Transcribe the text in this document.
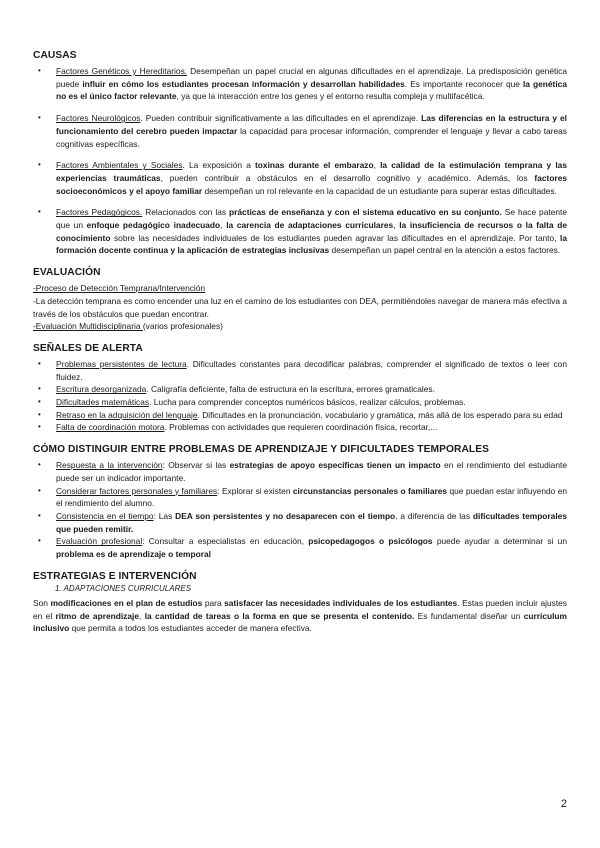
CAUSAS
• Factores Genéticos y Hereditarios. Desempeñan un papel crucial en algunas dificultades en el aprendizaje. La predisposición genética puede influir en cómo los estudiantes procesan información y desarrollan habilidades. Es importante reconocer que la genética no es el único factor relevante, ya que la interacción entre los genes y el entorno resulta compleja y multifacética.
• Factores Neurológicos. Pueden contribuir significativamente a las dificultades en el aprendizaje. Las diferencias en la estructura y el funcionamiento del cerebro pueden impactar la capacidad para procesar información, comprender el lenguaje y llevar a cabo tareas cognitivas específicas.
• Factores Ambientales y Sociales. La exposición a toxinas durante el embarazo, la calidad de la estimulación temprana y las experiencias traumáticas, pueden contribuir a obstáculos en el desarrollo cognitivo y académico. Además, los factores socioeconómicos y el apoyo familiar desempeñan un rol relevante en la capacidad de un estudiante para superar estas dificultades.
• Factores Pedagógicos. Relacionados con las prácticas de enseñanza y con el sistema educativo en su conjunto. Se hace patente que un enfoque pedagógico inadecuado, la carencia de adaptaciones curriculares, la insuficiencia de recursos o la falta de conocimiento sobre las necesidades individuales de los estudiantes pueden agravar las dificultades en el aprendizaje. Por tanto, la formación docente continua y la aplicación de estrategias inclusivas desempeñan un papel central en la atención a estos factores.
EVALUACIÓN

-Proceso de Detección Temprana/Intervención

-La detección temprana es como encender una luz en el camino de los estudiantes con DEA, permitiéndoles navegar de manera más efectiva a través de los obstáculos que puedan encontrar.

-Evaluación Multidisciplinaria (varios profesionales)

SEÑALES DE ALERTA
• Problemas persistentes de lectura. Dificultades constantes para decodificar palabras, comprender el significado de textos o leer con fluidez.
• Escritura desorganizada. Caligrafía deficiente, falta de estructura en la escritura, errores gramaticales.
• Dificultades matemáticas. Lucha para comprender conceptos numéricos básicos, realizar cálculos, problemas.
• Retraso en la adquisición del lenguaje. Dificultades en la pronunciación, vocabulario y gramática, más allá de los esperado para su edad
• Falta de coordinación motora. Problemas con actividades que requieren coordinación física, recortar,...
CÓMO DISTINGUIR ENTRE PROBLEMAS DE APRENDIZAJE Y DIFICULTADES TEMPORALES
• Respuesta a la intervención: Observar si las estrategias de apoyo específicas tienen un impacto en el rendimiento del estudiante puede ser un indicador importante.
• Considerar factores personales y familiares: Explorar si existen circunstancias personales o familiares que puedan estar influyendo en el rendimiento del alumno.
• Consistencia en el tiempo: Las DEA son persistentes y no desaparecen con el tiempo. a diferencia de las dificultades temporales que pueden remitir.
• Evaluación profesional: Consultar a especialistas en educación, psicopedagogos o psicólogos puede ayudar a determinar si un problema es de aprendizaje o temporal
ESTRATEGIAS E INTERVENCIÓN
1. ADAPTACIONES CURRICULARES

Son modificaciones en el plan de estudios para satisfacer las necesidades individuales de los estudiantes. Estas pueden incluir ajustes en el ritmo de aprendizaje, la cantidad de tareas o la forma en que se presenta el contenido. Es fundamental diseñar un curriculum inclusivo que permita a todos los estudiantes acceder de manera efectiva.

2
